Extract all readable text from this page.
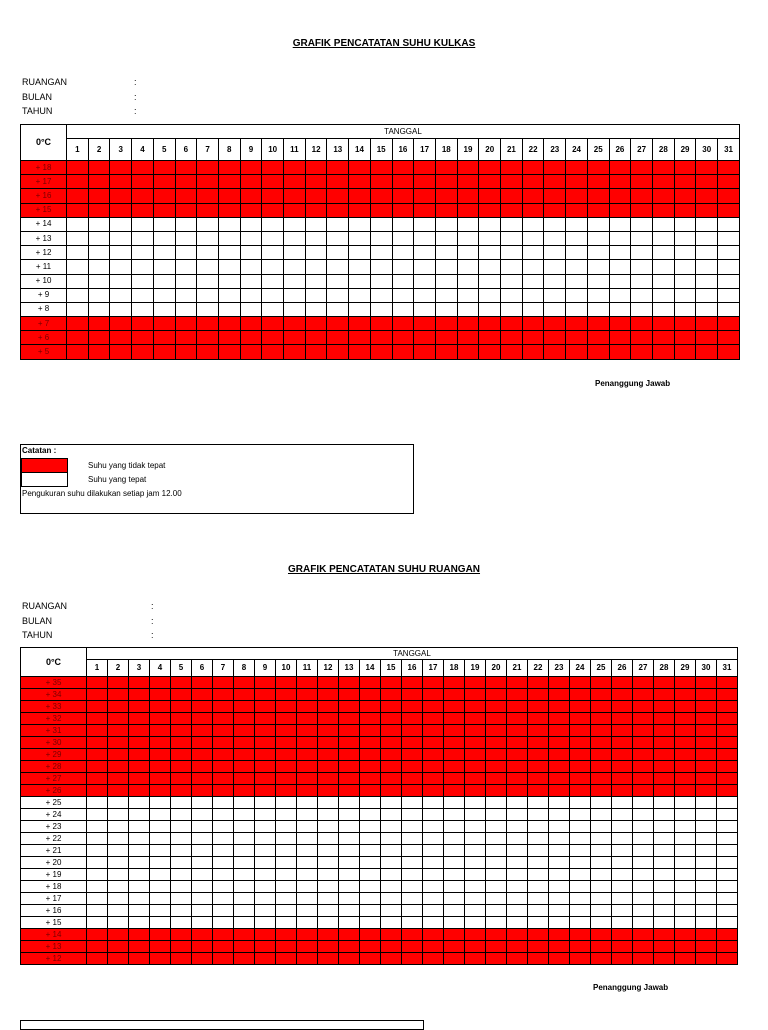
GRAFIK PENCATATAN SUHU KULKAS
RUANGAN	:
BULAN	:
TAHUN	:
0°C	TANGGAL																														
	1	2	3	4	5	6	7	8	9	10	11	12	13	14	15	16	17	18	19	20	21	22	23	24	25	26	27	28	29	30	31
+ 18																															
+ 17																															
+ 16																															
+ 15																															
+ 14																															
+ 13																															
+ 12																															
+ 11																															
+ 10																															
+ 9																															
+ 8																															
+ 7																															
+ 6																															
+ 5																															
Penanggung Jawab
Catatan :
Suhu yang tidak tepat
Suhu yang tepat
Pengukuran suhu dilakukan setiap jam 12.00
GRAFIK PENCATATAN SUHU RUANGAN
RUANGAN	:
BULAN	:
TAHUN	:
0°C	TANGGAL																														
	1	2	3	4	5	6	7	8	9	10	11	12	13	14	15	16	17	18	19	20	21	22	23	24	25	26	27	28	29	30	31
+ 35																															
+ 34																															
+ 33																															
+ 32																															
+ 31																															
+ 30																															
+ 29																															
+ 28																															
+ 27																															
+ 26																															
+ 25																															
+ 24																															
+ 23																															
+ 22																															
+ 21																															
+ 20																															
+ 19																															
+ 18																															
+ 17																															
+ 16																															
+ 15																															
+ 14																															
+ 13																															
+ 12																															
Penanggung Jawab
